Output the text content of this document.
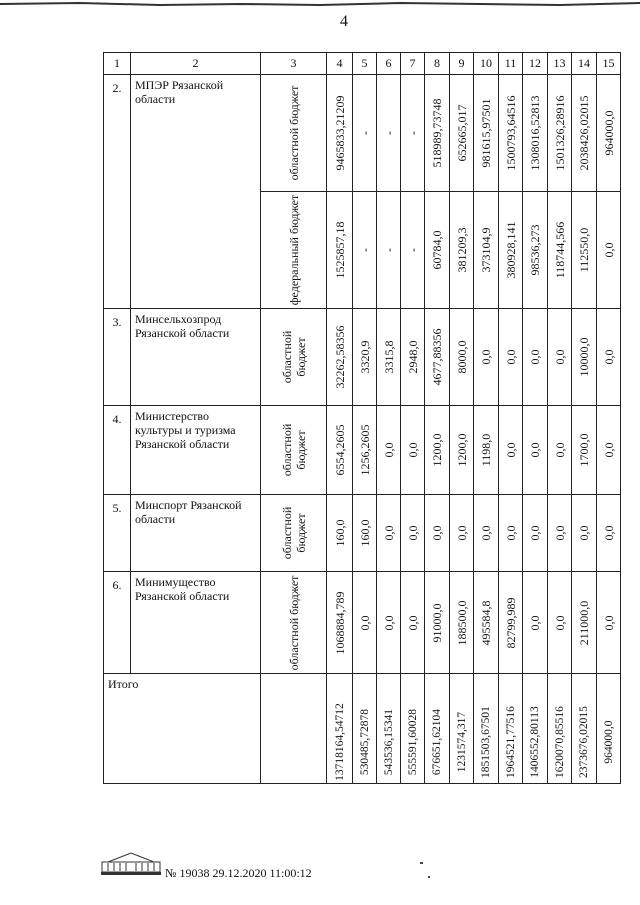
4
1	2	3	4	5	6	7	8	9	10	11	12	13	14	15
2.	МПЭР Рязанской области	областной бюджет	9465833,21209	-	-	-	518989,73748	652665,017	981615,97501	1500793,64516	1308016,52813	1501326,28916	2038426,02015	964000,0

		федеральный бюджет	1525857,18	-	-	-	60784,0	381209,3	373104,9	380928,141	98536,273	118744,566	112550,0	0,0

3.	Минсельхозпрод Рязанской области	областной бюджет	32262,58356	3320,9	3315,8	2948,0	4677,88356	8000,0	0,0	0,0	0,0	0,0	10000,0	0,0

4.	Министерство культуры и туризма Рязанской области	областной бюджет	6554,2605	1256,2605	0,0	0,0	1200,0	1200,0	1198,0	0,0	0,0	0,0	1700,0	0,0

5.	Минспорт Рязанской области	областной бюджет	160,0	160,0	0,0	0,0	0,0	0,0	0,0	0,0	0,0	0,0	0,0	0,0

6.	Минимущество Рязанской области	областной бюджет	1068884,789	0,0	0,0	0,0	91000,0	188500,0	495584,8	82799,989	0,0	0,0	211000,0	0,0

Итого			13718164,54712	530485,72878	543536,15341	555591,60028	676651,62104	1231574,317	1851503,67501	1964521,77516	1406552,80113	1620070,85516	2373676,02015	964000,0
№ 19038 29.12.2020 11:00:12
